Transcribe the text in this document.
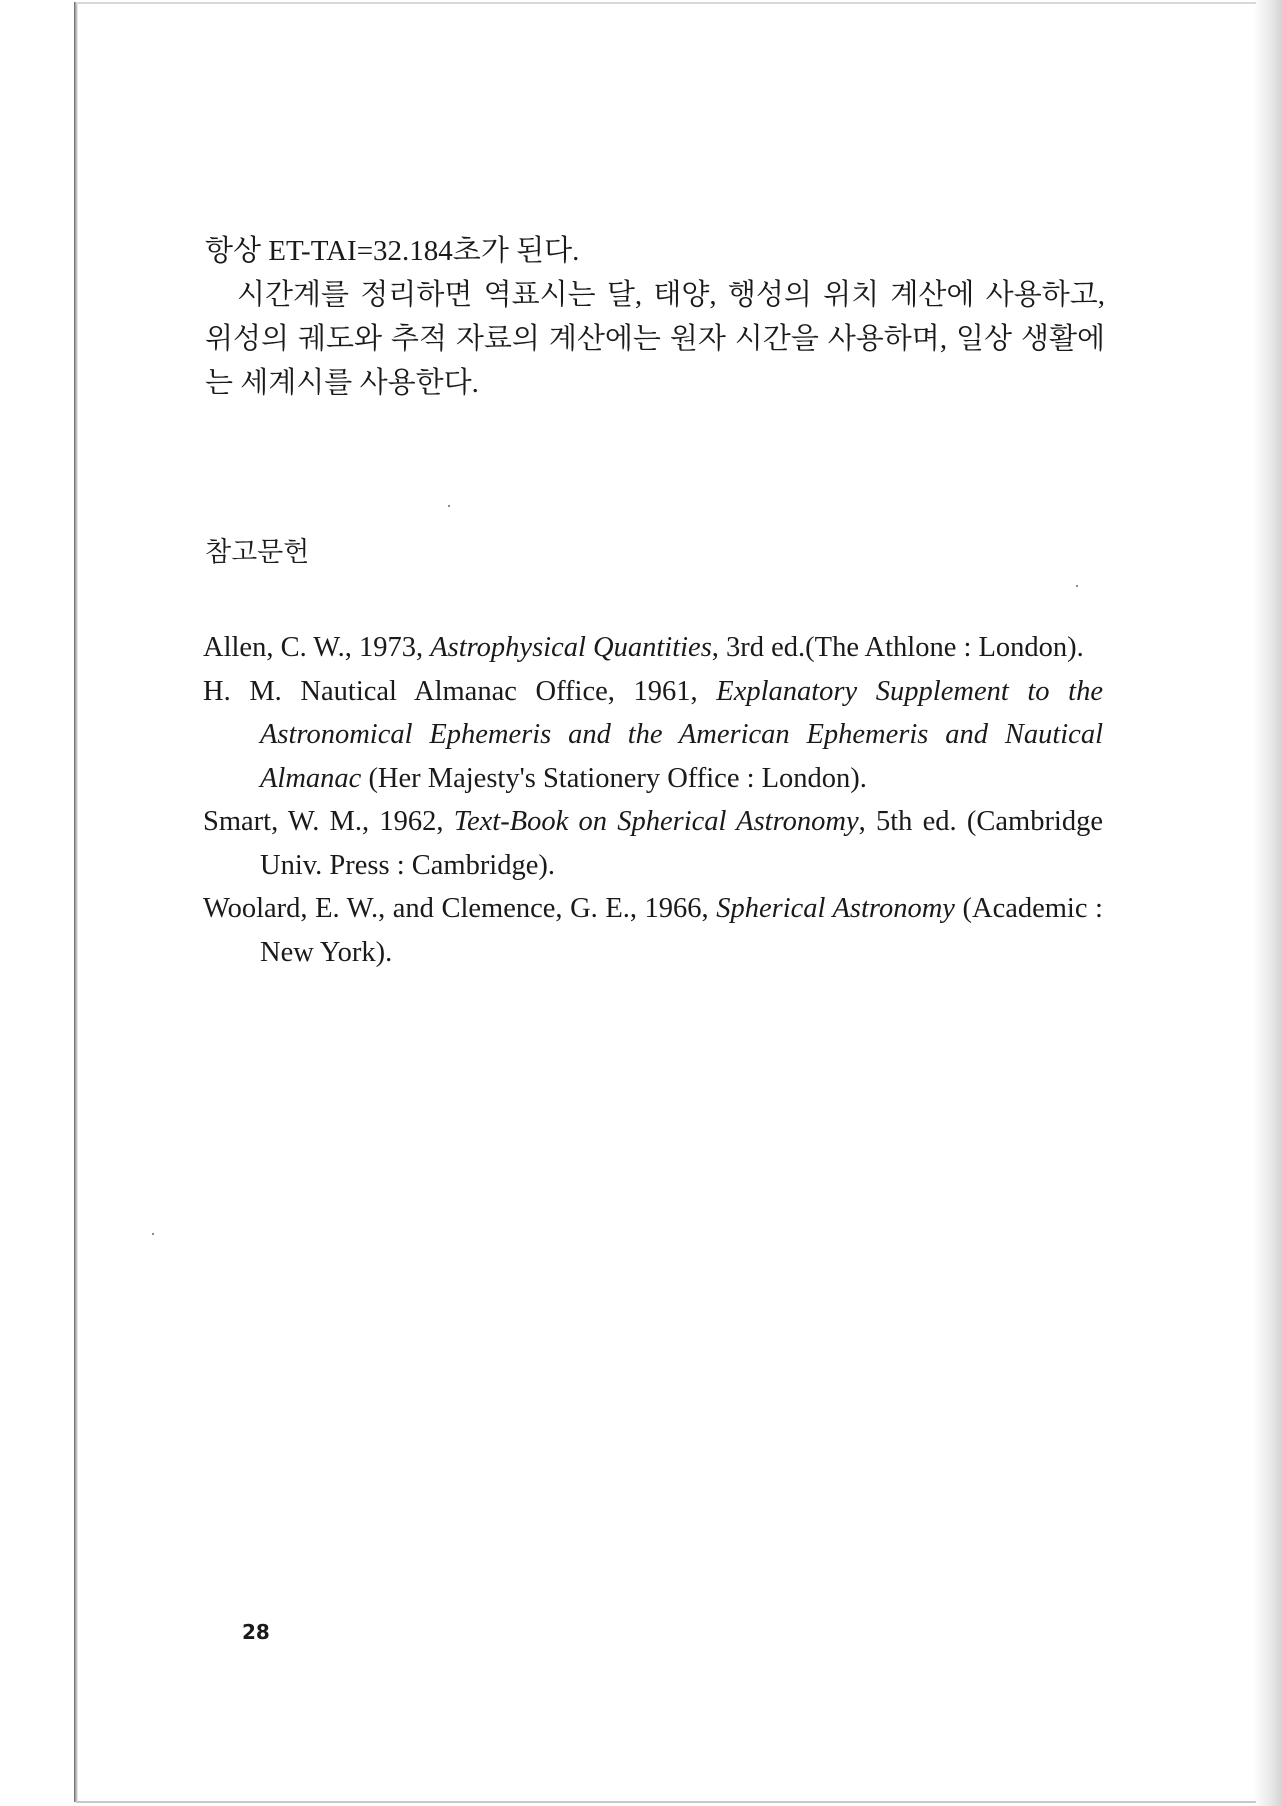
항상 ET-TAI=32.184초가 된다.

시간계를 정리하면 역표시는 달, 태양, 행성의 위치 계산에 사용하고, 위성의 궤도와 추적 자료의 계산에는 원자 시간을 사용하며, 일상 생활에는 세계시를 사용한다.

참고문헌
Allen, C. W., 1973, Astrophysical Quantities, 3rd ed.(The Athlone : London).
H. M. Nautical Almanac Office, 1961, Explanatory Supplement to the Astronomical Ephemeris and the American Ephemeris and Nautical Almanac (Her Majesty's Stationery Office : London).
Smart, W. M., 1962, Text-Book on Spherical Astronomy, 5th ed. (Cambridge Univ. Press : Cambridge).
Woolard, E. W., and Clemence, G. E., 1966, Spherical Astronomy (Academic : New York).
28
